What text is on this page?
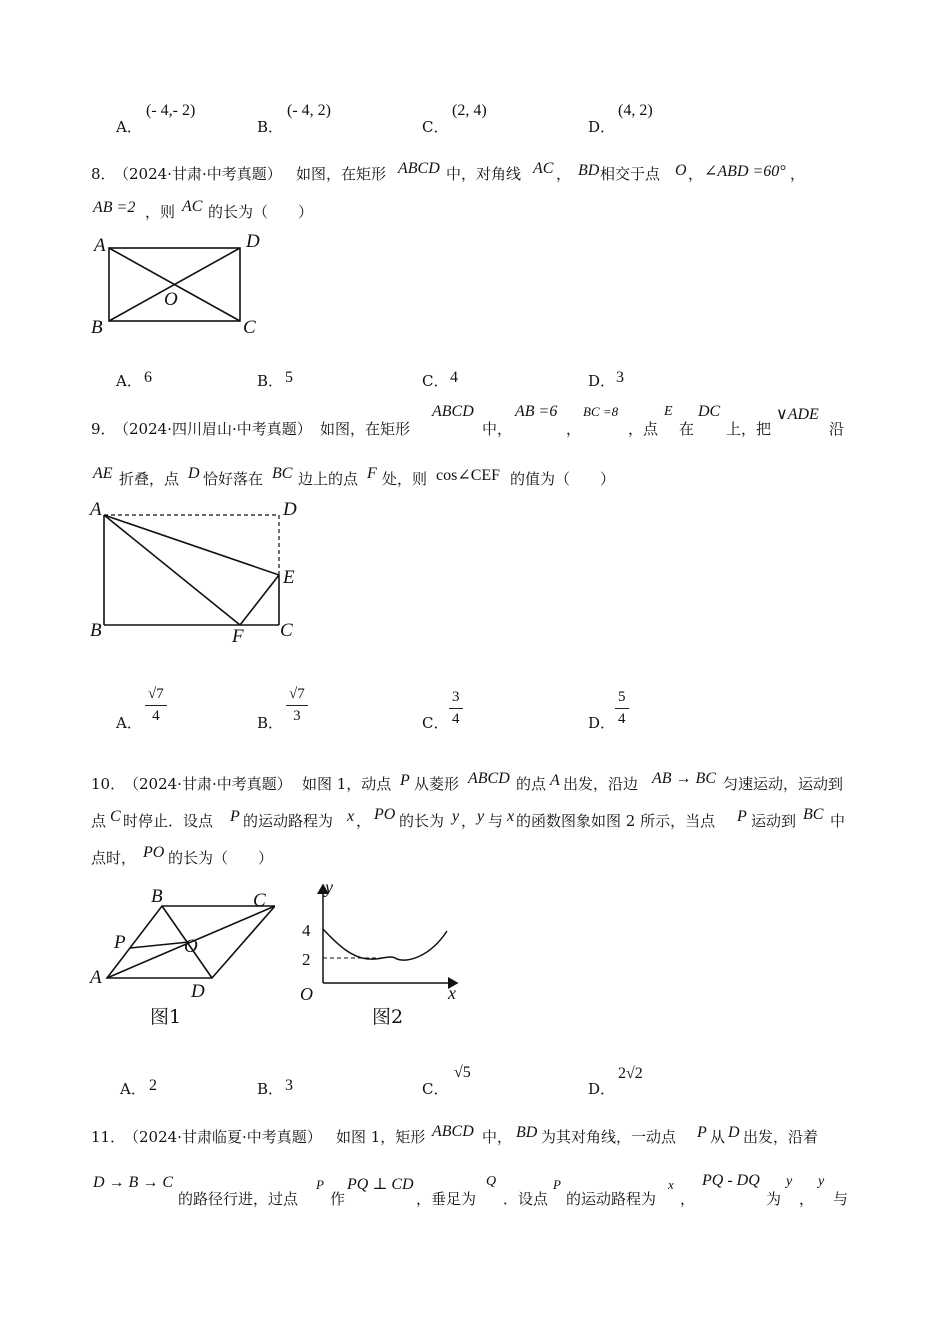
A．
(- 4,- 2)
B．
(- 4, 2)
C．
(2, 4)
D．
(4, 2)
8．
（2024·甘肃·中考真题） 如图，在矩形 ABCD 中，对角线 AC ， BD 相交于点 O ， ∠ABD =60° ，
AB =2 ，则 AC 的长为（　　）
A	D
O
B	C
A． 6	B． 5	C． 4	D． 3
9．
（2024·四川眉山·中考真题） 如图，在矩形
ABCD
中，
AB =6
，
BC =8
，点
E
在
DC
上，把
∨ADE
沿
AE 折叠，点 D 恰好落在 BC 边上的点 F 处，则 cos∠CEF 的值为（　　）
A	D
E
B	F C
A． $\frac{√7}{4}$	B． $\frac{√7}{3}$	C． $\frac{3}{4}$	D． $\frac{5}{4}$
10．
（2024·甘肃·中考真题） 如图 1，动点 P 从菱形 ABCD 的点 A 出发，沿边 AB → BC 匀速运动，运动到
点 C 时停止．设点 P 的运动路程为 x ， PO 的长为 y ， y 与 x 的函数图象如图 2 所示，当点 P 运动到 BC 中
点时， PO 的长为（　　）
B	C
P	O
A
D
图1
y
x
O
4
2
图2
A． 2	B． 3	C．
√5
D．
2√2
11．
（2024·甘肃临夏·中考真题） 如图 1，矩形 ABCD 中， BD 为其对角线，一动点 P 从 D 出发，沿着
D → B → C
的路径行进，过点
P
作
PQ ⊥ CD
，垂足为
Q
．设点
P
的运动路程为
x
，
PQ - DQ
为
y
，
y
与
